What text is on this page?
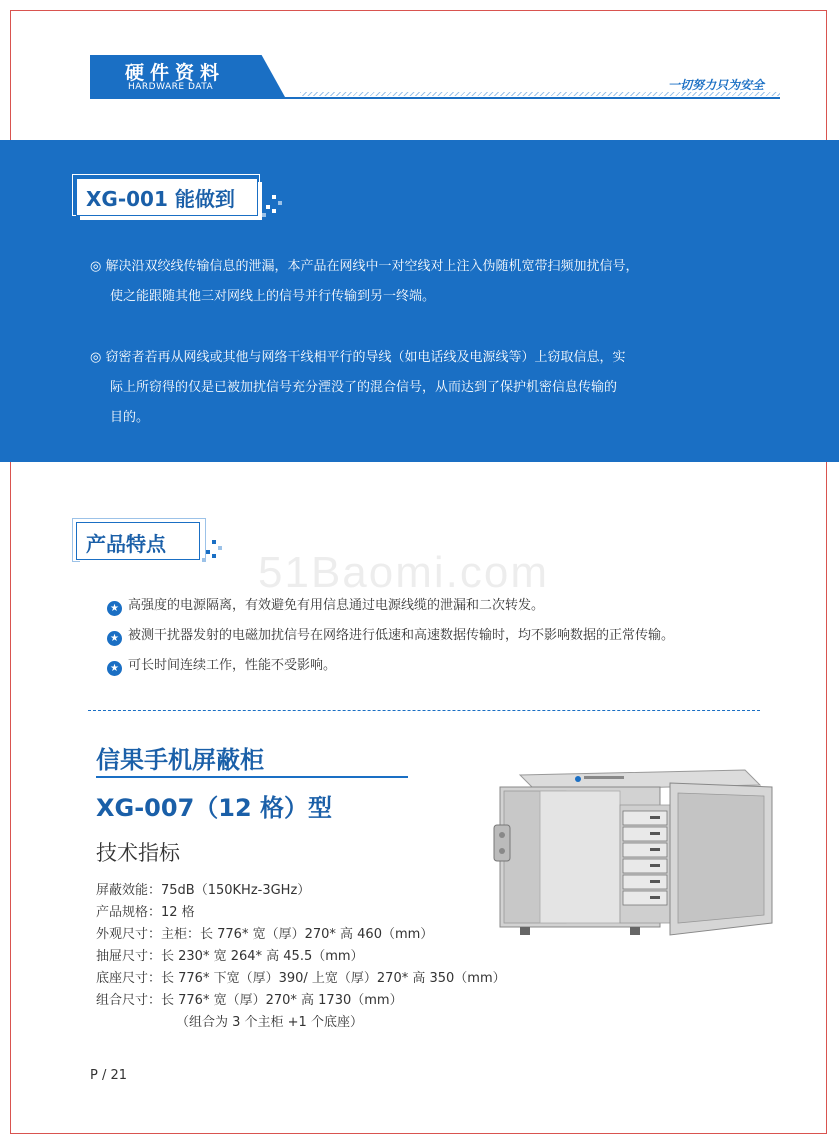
硬件资料
HARDWARE DATA	一切努力只为安全
XG-001 能做到
◎ 解决沿双绞线传输信息的泄漏，本产品在网线中一对空线对上注入伪随机宽带扫频加扰信号，
使之能跟随其他三对网线上的信号并行传输到另一终端。
◎ 窃密者若再从网线或其他与网络干线相平行的导线（如电话线及电源线等）上窃取信息，实
际上所窃得的仅是已被加扰信号充分湮没了的混合信号，从而达到了保护机密信息传输的
目的。
产品特点
51Baomi.com
★ 高强度的电源隔离，有效避免有用信息通过电源线缆的泄漏和二次转发。
★ 被测干扰器发射的电磁加扰信号在网络进行低速和高速数据传输时，均不影响数据的正常传输。
★ 可长时间连续工作，性能不受影响。
信果手机屏蔽柜
XG-007（12 格）型
技术指标
屏蔽效能：75dB（150KHz-3GHz）
产品规格：12 格
外观尺寸：主柜：长 776* 宽（厚）270* 高 460（mm）
抽屉尺寸：长 230* 宽 264* 高 45.5（mm）
底座尺寸：长 776* 下宽（厚）390/ 上宽（厚）270* 高 350（mm）
组合尺寸：长 776* 宽（厚）270* 高 1730（mm）
（组合为 3 个主柜 +1 个底座）
P / 21
